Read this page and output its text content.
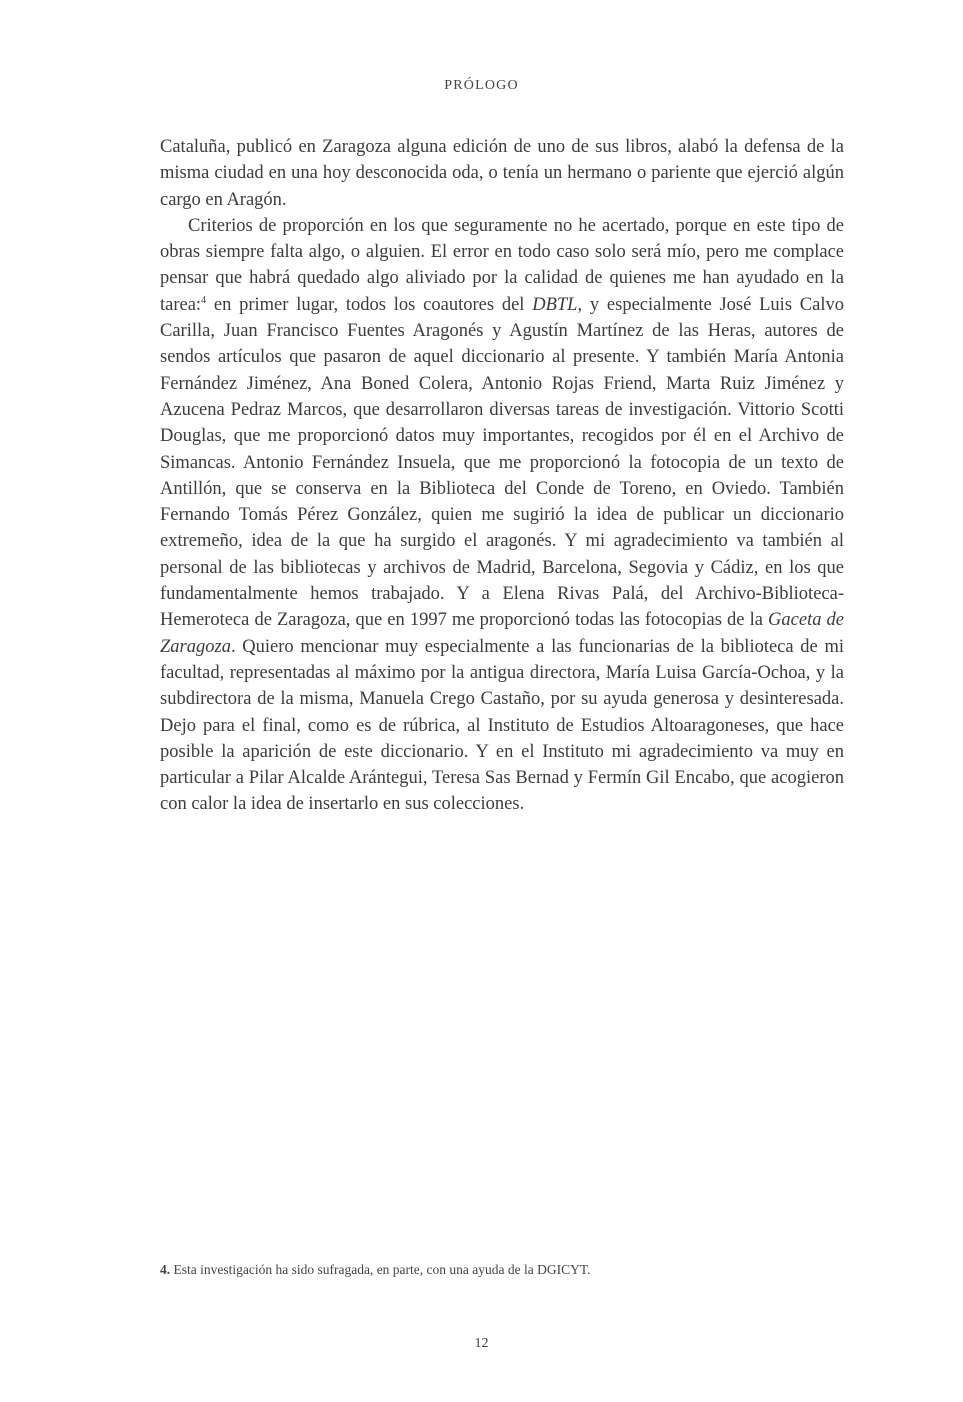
PRÓLOGO

Cataluña, publicó en Zaragoza alguna edición de uno de sus libros, alabó la defensa de la misma ciudad en una hoy desconocida oda, o tenía un hermano o pariente que ejerció algún cargo en Aragón.

Criterios de proporción en los que seguramente no he acertado, porque en este tipo de obras siempre falta algo, o alguien. El error en todo caso solo será mío, pero me complace pensar que habrá quedado algo aliviado por la calidad de quienes me han ayudado en la tarea:$^4$ en primer lugar, todos los coautores del DBTL, y especialmente José Luis Calvo Carilla, Juan Francisco Fuentes Aragonés y Agustín Martínez de las Heras, autores de sendos artículos que pasaron de aquel diccionario al presente. Y también María Antonia Fernández Jiménez, Ana Boned Colera, Antonio Rojas Friend, Marta Ruiz Jiménez y Azucena Pedraz Marcos, que desarrollaron diversas tareas de investigación. Vittorio Scotti Douglas, que me proporcionó datos muy importantes, recogidos por él en el Archivo de Simancas. Antonio Fernández Insuela, que me proporcionó la fotocopia de un texto de Antillón, que se conserva en la Biblioteca del Conde de Toreno, en Oviedo. También Fernando Tomás Pérez González, quien me sugirió la idea de publicar un diccionario extremeño, idea de la que ha surgido el aragonés. Y mi agradecimiento va también al personal de las bibliotecas y archivos de Madrid, Barcelona, Segovia y Cádiz, en los que fundamentalmente hemos trabajado. Y a Elena Rivas Palá, del Archivo-Biblioteca-Hemeroteca de Zaragoza, que en 1997 me proporcionó todas las fotocopias de la Gaceta de Zaragoza. Quiero mencionar muy especialmente a las funcionarias de la biblioteca de mi facultad, representadas al máximo por la antigua directora, María Luisa García-Ochoa, y la subdirectora de la misma, Manuela Crego Castaño, por su ayuda generosa y desinteresada. Dejo para el final, como es de rúbrica, al Instituto de Estudios Altoaragoneses, que hace posible la aparición de este diccionario. Y en el Instituto mi agradecimiento va muy en particular a Pilar Alcalde Arántegui, Teresa Sas Bernad y Fermín Gil Encabo, que acogieron con calor la idea de insertarlo en sus colecciones.

4. Esta investigación ha sido sufragada, en parte, con una ayuda de la DGICYT.
12
